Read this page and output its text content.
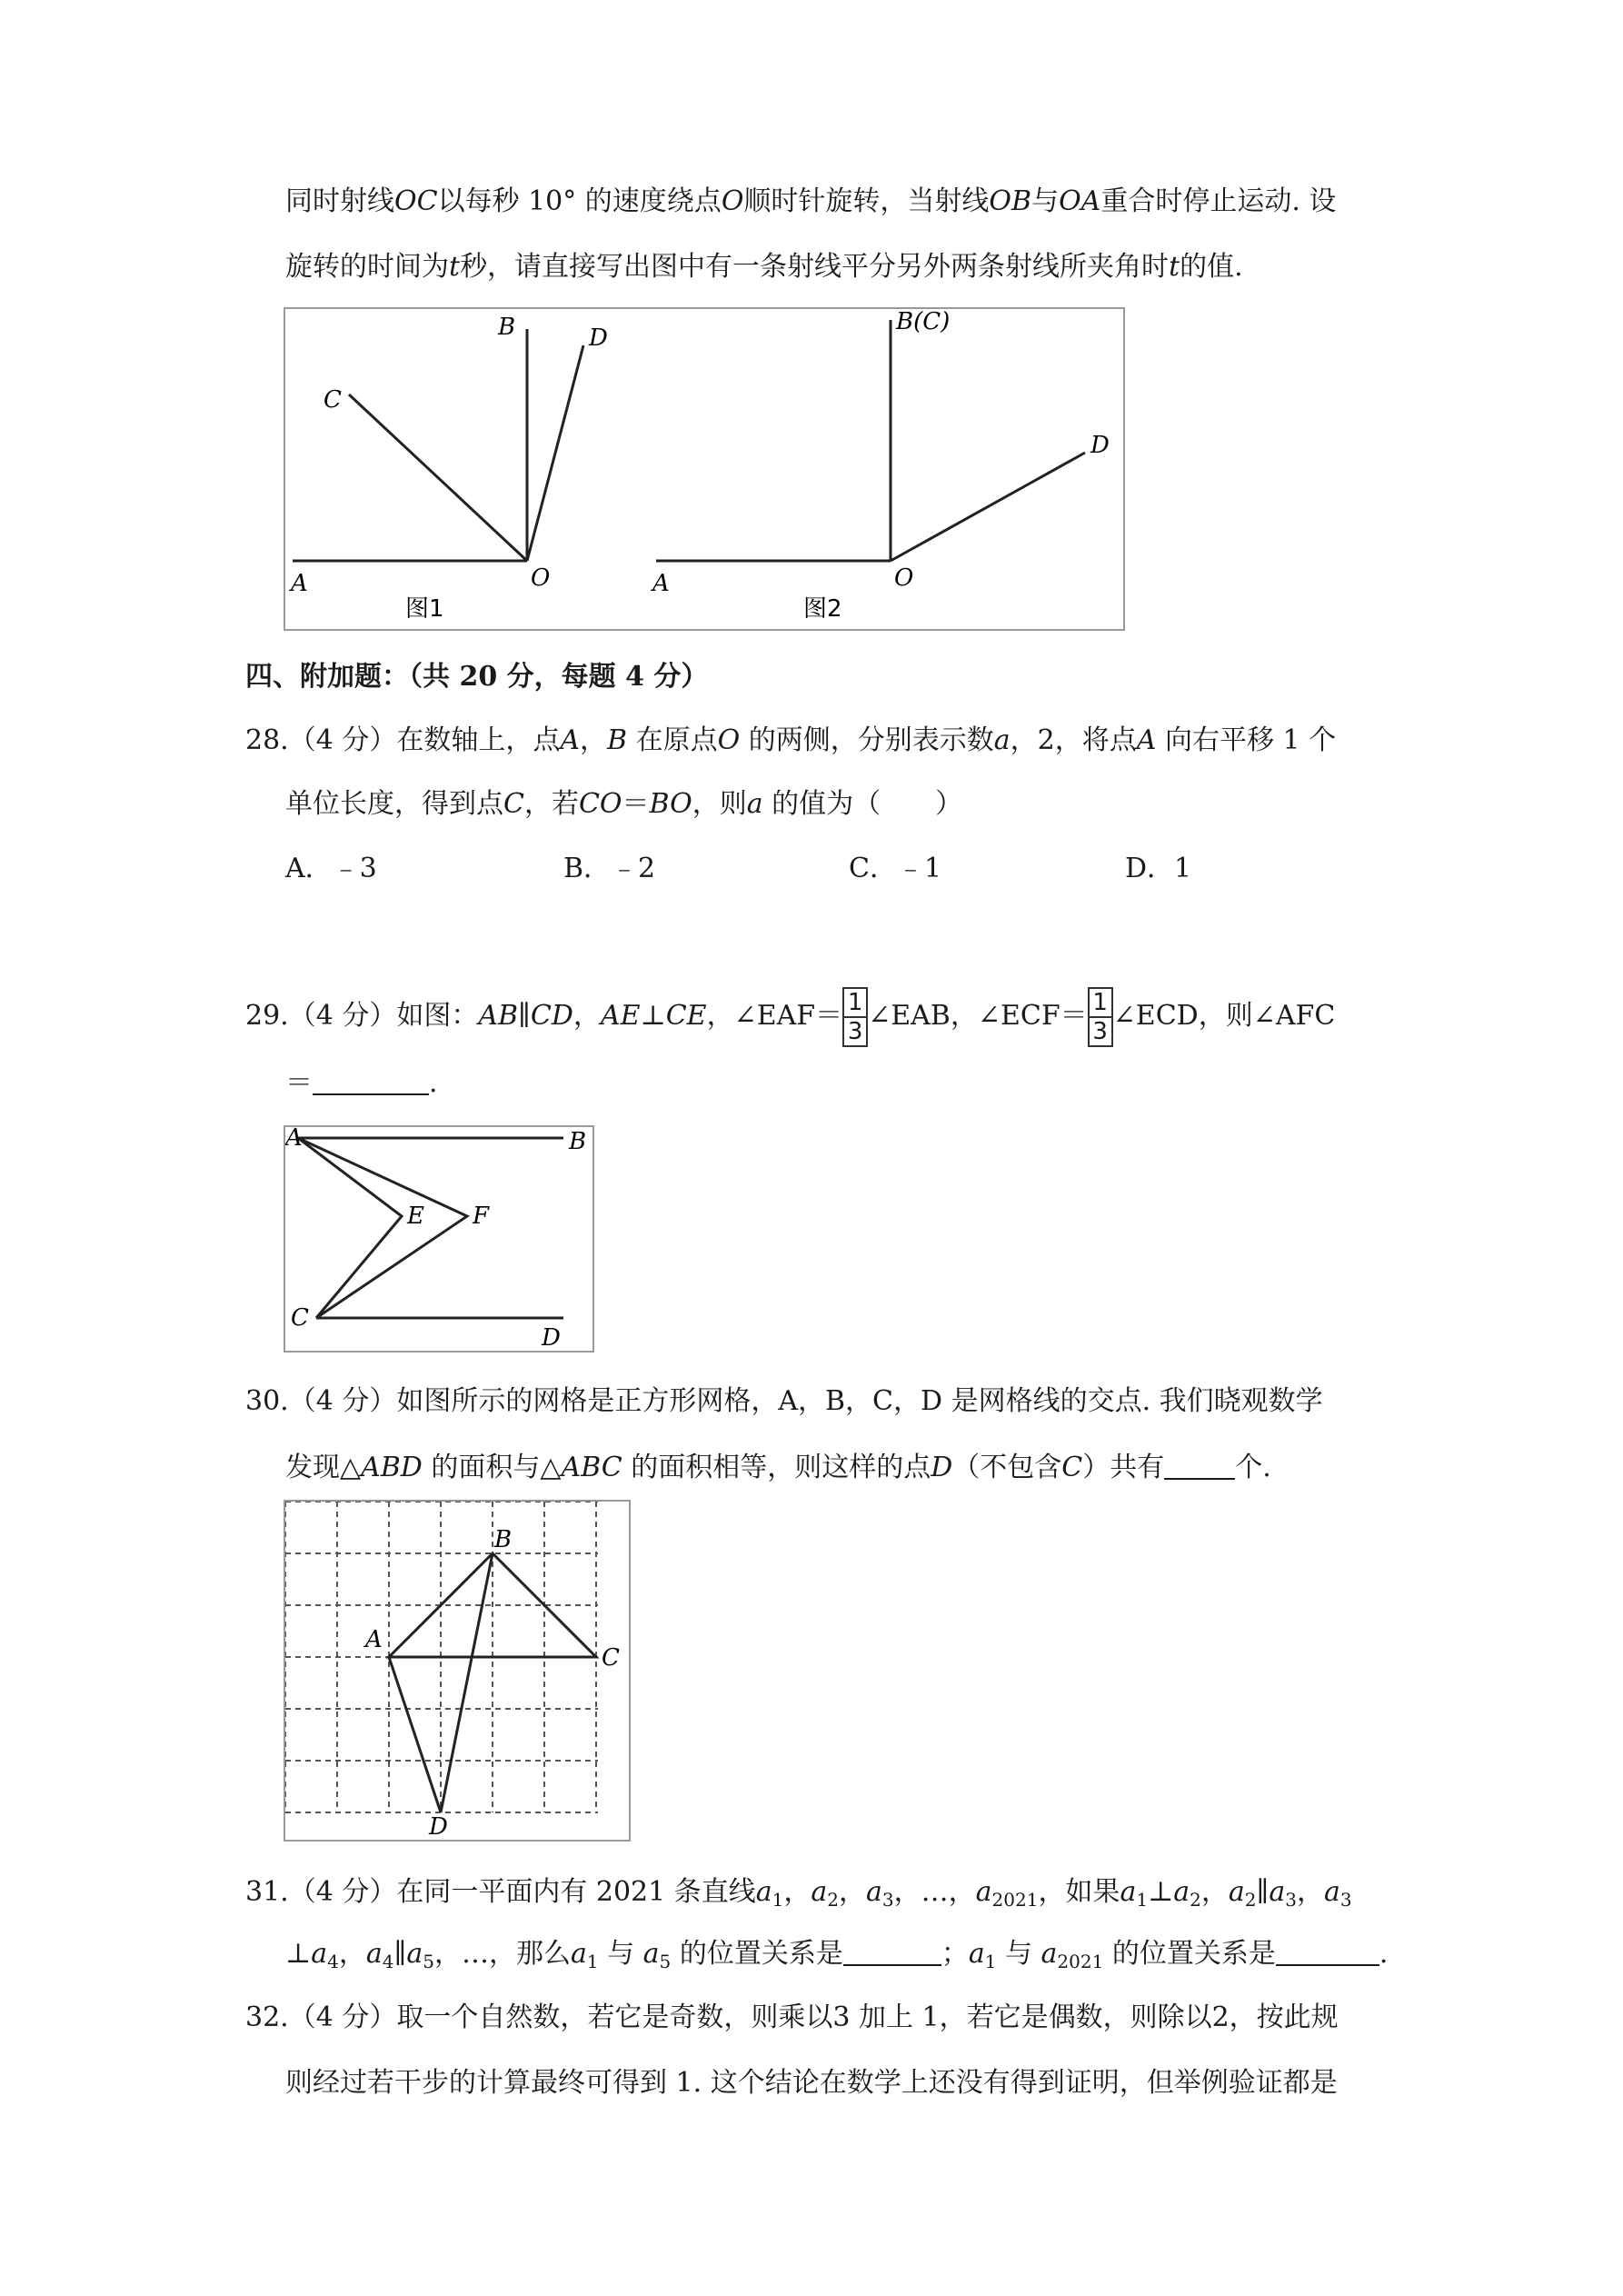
同时射线OC以每秒 10° 的速度绕点O顺时针旋转，当射线OB与OA重合时停止运动. 设
旋转的时间为t秒，请直接写出图中有一条射线平分另外两条射线所夹角时t的值.
A	O
B
C
D
图1
A	O
B(C)
D
图2
四、附加题：（共 20 分，每题 4 分）
28.（4 分）在数轴上，点A，B 在原点O 的两侧，分别表示数a，2，将点A 向右平移 1 个
单位长度，得到点C，若CO＝BO，则a 的值为（　　）
A．﹣3	B．﹣2	C．﹣1	D．1
29.（4 分）如图：AB∥CD，AE⊥CE，∠EAF＝ $\frac{1}{3}$ ∠EAB，∠ECF＝ $\frac{1}{3}$ ∠ECD，则∠AFC
＝	.
A	B
E F
C
D
30.（4 分）如图所示的网格是正方形网格，A，B，C，D 是网格线的交点. 我们晓观数学
发现△ABD 的面积与△ABC 的面积相等，则这样的点D（不包含C）共有	个.
B
A
C
D
31.（4 分）在同一平面内有 2021 条直线$a_1$，$a_2$，$a_3$，…，$a_{2021}$，如果$a_1\perp a_2$，$a_2\parallel a_3$，$a_3$
$\perp a_4$，$a_4\parallel a_5$，…，那么$a_1$ 与 $a_5$ 的位置关系是	；$a_1$ 与 $a_{2021}$ 的位置关系是	.
32.（4 分）取一个自然数，若它是奇数，则乘以3 加上 1，若它是偶数，则除以2，按此规
则经过若干步的计算最终可得到 1. 这个结论在数学上还没有得到证明，但举例验证都是
